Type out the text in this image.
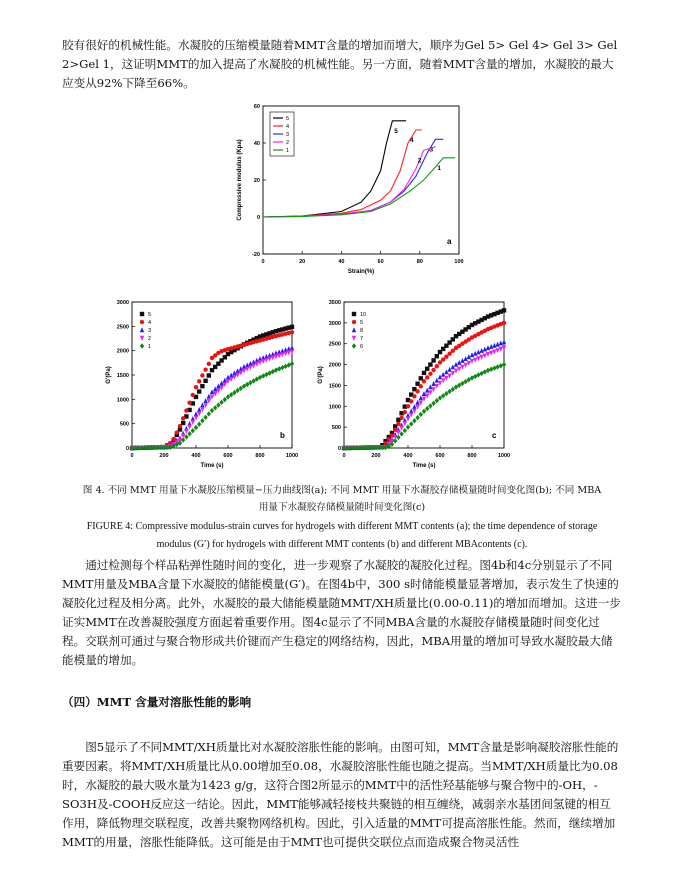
胶有很好的机械性能。水凝胶的压缩模量随着MMT含量的增加而增大，顺序为Gel 5> Gel 4> Gel 3> Gel 2>Gel 1，这证明MMT的加入提高了水凝胶的机械性能。另一方面，随着MMT含量的增加，水凝胶的最大应变从92%下降至66%。

0	20	40	60	80	100
-20
0
20
40
60
Strain(%)
Compressive modulus (Kpa)
a
5
4
3
2
1
5
4
3
2
1
0	200	400	600	800	1000
0
500
1000
1500
2000
2500
3000
Time (s)
G'(Pa)
b
5
4
3
2
1
0	200	400	600	800	1000
0
500
1000
1500
2000
2500
3000
3500
Time (s)
G'(Pa)
c
10
5
8
7
6

图 4. 不同 MMT 用量下水凝胶压缩模量−压力曲线图(a); 不同 MMT 用量下水凝胶存储模量随时间变化图(b); 不同 MBA

用量下水凝胶存储模量随时间变化图(c)

FIGURE 4: Compressive modulus-strain curves for hydrogels with different MMT contents (a); the time dependence of storage

modulus (G′) for hydrogels with different MMT contents (b) and different MBAcontents (c).

通过检测每个样品粘弹性随时间的变化，进一步观察了水凝胶的凝胶化过程。图4b和4c分别显示了不同MMT用量及MBA含量下水凝胶的储能模量(G′)。在图4b中，300 s时储能模量显著增加，表示发生了快速的凝胶化过程及相分离。此外，水凝胶的最大储能模量随MMT/XH质量比(0.00-0.11)的增加而增加。这进一步证实MMT在改善凝胶强度方面起着重要作用。图4c显示了不同MBA含量的水凝胶存储模量随时间变化过程。交联剂可通过与聚合物形成共价键而产生稳定的网络结构，因此，MBA用量的增加可导致水凝胶最大储能模量的增加。

（四）MMT 含量对溶胀性能的影响

图5显示了不同MMT/XH质量比对水凝胶溶胀性能的影响。由图可知，MMT含量是影响凝胶溶胀性能的重要因素。将MMT/XH质量比从0.00增加至0.08，水凝胶溶胀性能也随之提高。当MMT/XH质量比为0.08时，水凝胶的最大吸水量为1423 g/g，这符合图2所显示的MMT中的活性羟基能够与聚合物中的-OH，-SO3H及-COOH反应这一结论。因此，MMT能够减轻接枝共聚链的相互缠绕，减弱亲水基团间氢键的相互作用，降低物理交联程度，改善共聚物网络机构。因此，引入适量的MMT可提高溶胀性能。然而，继续增加MMT的用量，溶胀性能降低。这可能是由于MMT也可提供交联位点而造成聚合物灵活性
